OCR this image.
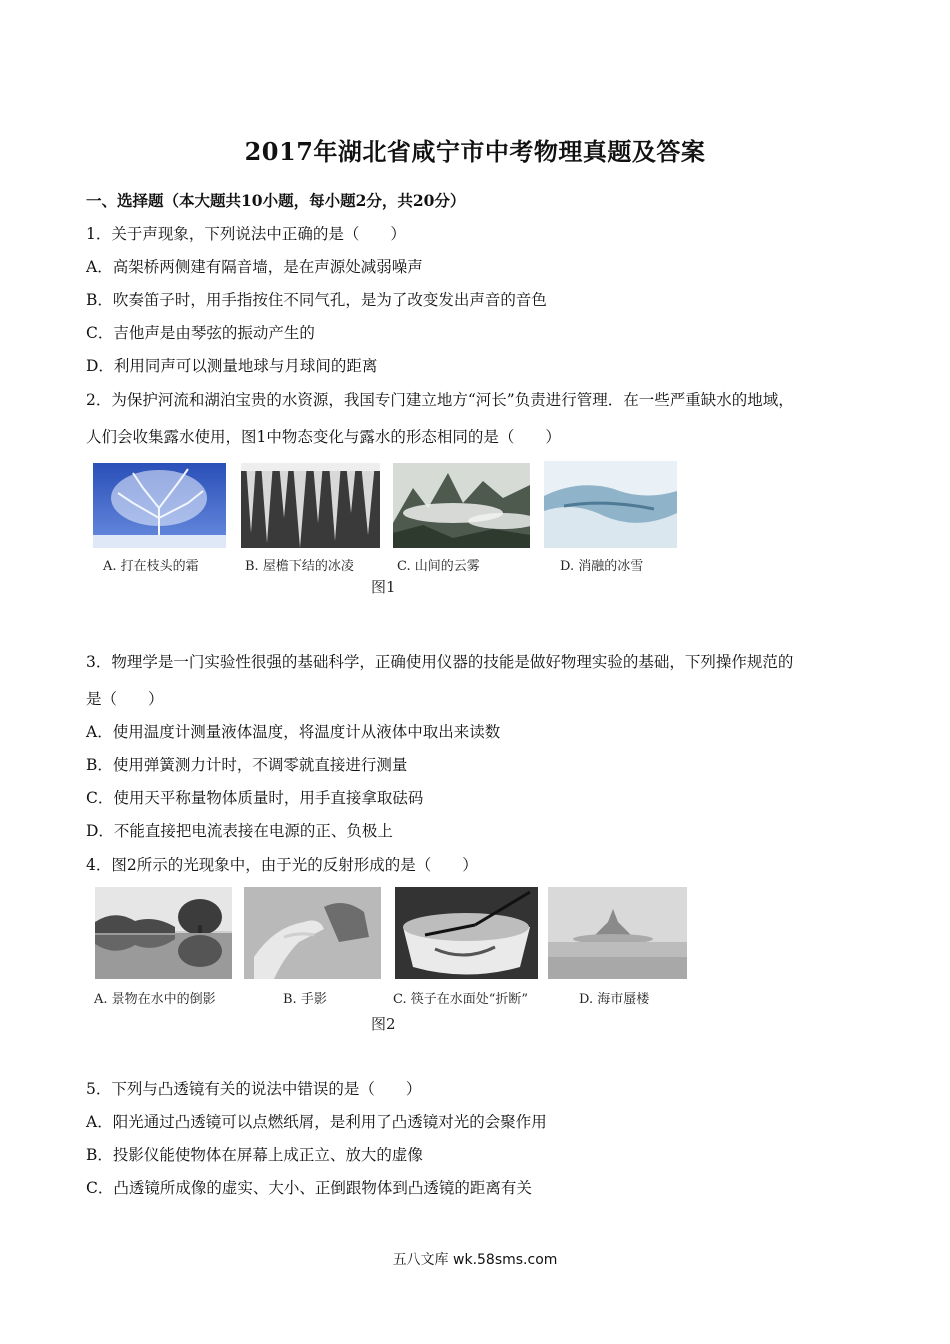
2017年湖北省咸宁市中考物理真题及答案
一、选择题（本大题共10小题，每小题2分，共20分）
1．关于声现象，下列说法中正确的是（　　）
A．高架桥两侧建有隔音墙，是在声源处减弱噪声
B．吹奏笛子时，用手指按住不同气孔，是为了改变发出声音的音色
C．吉他声是由琴弦的振动产生的
D．利用同声可以测量地球与月球间的距离
2．为保护河流和湖泊宝贵的水资源，我国专门建立地方“河长”负责进行管理．在一些严重缺水的地域，
人们会收集露水使用，图1中物态变化与露水的形态相同的是（　　）
A. 打在枝头的霜	B. 屋檐下结的冰凌	C. 山间的云雾	D. 消融的冰雪
图1
3．物理学是一门实验性很强的基础科学，正确使用仪器的技能是做好物理实验的基础，下列操作规范的
是（　　）
A．使用温度计测量液体温度，将温度计从液体中取出来读数
B．使用弹簧测力计时，不调零就直接进行测量
C．使用天平称量物体质量时，用手直接拿取砝码
D．不能直接把电流表接在电源的正、负极上
4．图2所示的光现象中，由于光的反射形成的是（　　）
A. 景物在水中的倒影	B. 手影	C. 筷子在水面处“折断”	D. 海市蜃楼
图2
5．下列与凸透镜有关的说法中错误的是（　　）
A．阳光通过凸透镜可以点燃纸屑，是利用了凸透镜对光的会聚作用
B．投影仪能使物体在屏幕上成正立、放大的虚像
C．凸透镜所成像的虚实、大小、正倒跟物体到凸透镜的距离有关
五八文库 wk.58sms.com
